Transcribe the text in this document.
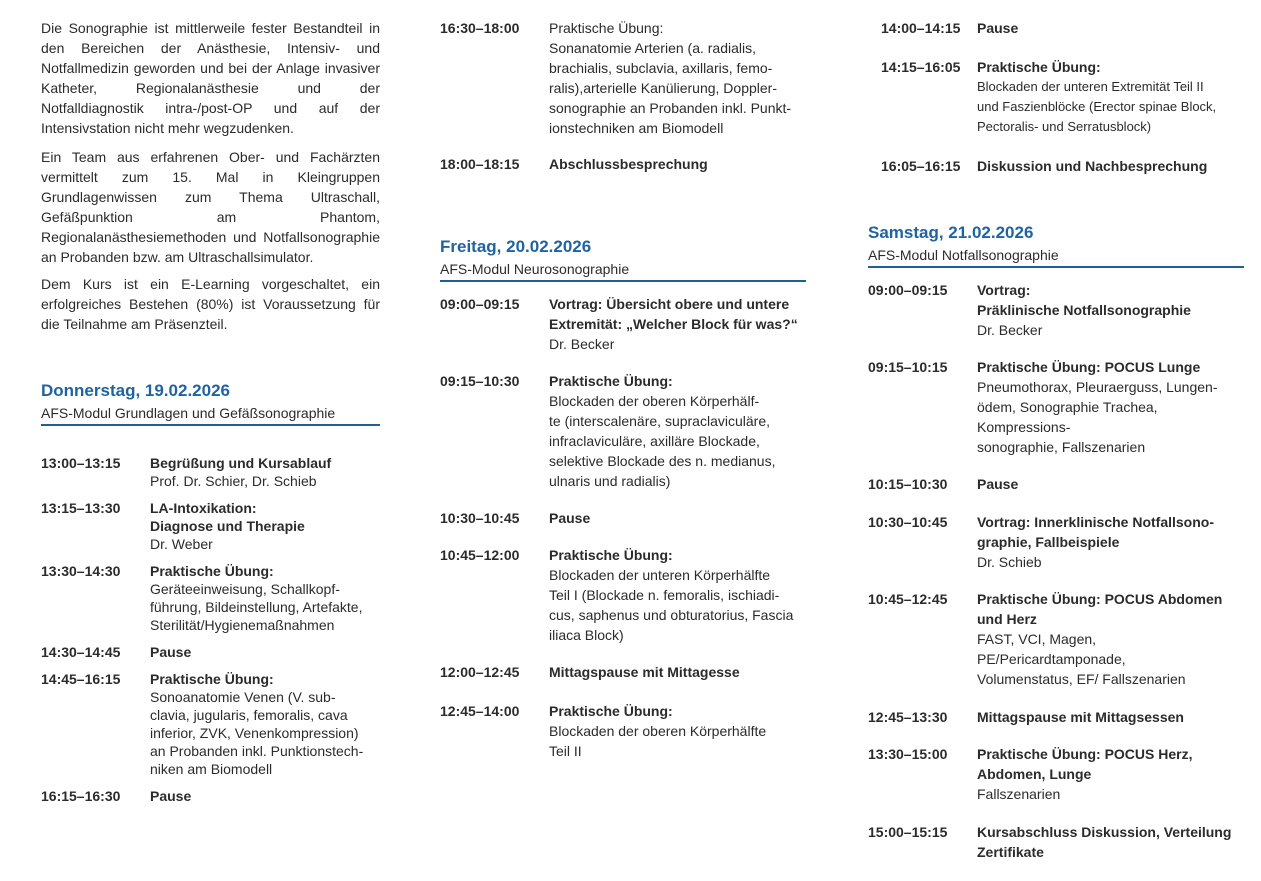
Die Sonographie ist mittlerweile fester Bestandteil in den Bereichen der Anästhesie, Intensiv- und Notfallmedizin geworden und bei der Anlage invasiver Katheter, Regionalanästhesie und der Notfalldiagnostik intra-/post-OP und auf der Intensivstation nicht mehr wegzudenken.

Ein Team aus erfahrenen Ober- und Fachärzten vermittelt zum 15. Mal in Kleingruppen Grundlagenwissen zum Thema Ultraschall, Gefäßpunktion am Phantom, Regionalanästhesiemethoden und Notfallsonographie an Probanden bzw. am Ultraschallsimulator.

Dem Kurs ist ein E-Learning vorgeschaltet, ein erfolgreiches Bestehen (80%) ist Voraussetzung für die Teilnahme am Präsenzteil.

Donnerstag, 19.02.2026
AFS-Modul Grundlagen und Gefäßsonographie
13:00–13:15	Begrüßung und Kursablauf
Prof. Dr. Schier, Dr. Schieb
13:15–13:30	LA-Intoxikation:
Diagnose und Therapie
Dr. Weber
13:30–14:30	Praktische Übung:
Geräteeinweisung, Schallkopf-
führung, Bildeinstellung, Artefakte,
Sterilität/Hygienemaßnahmen
14:30–14:45	Pause
14:45–16:15	Praktische Übung:
Sonoanatomie Venen (V. sub-
clavia, jugularis, femoralis, cava
inferior, ZVK, Venenkompression)
an Probanden inkl. Punktionstech-
niken am Biomodell
16:15–16:30	Pause
16:30–18:00	Praktische Übung:
Sonanatomie Arterien (a. radialis,
brachialis, subclavia, axillaris, femo-
ralis),arterielle Kanülierung, Doppler-
sonographie an Probanden inkl. Punkt-
ionstechniken am Biomodell
18:00–18:15	Abschlussbesprechung
Freitag, 20.02.2026
AFS-Modul Neurosonographie
09:00–09:15	Vortrag: Übersicht obere und untere
Extremität: „Welcher Block für was?“
Dr. Becker
09:15–10:30	Praktische Übung:
Blockaden der oberen Körperhälf-
te (interscalenäre, supraclaviculäre,
infraclaviculäre, axilläre Blockade,
selektive Blockade des n. medianus,
ulnaris und radialis)
10:30–10:45	Pause
10:45–12:00	Praktische Übung:
Blockaden der unteren Körperhälfte
Teil I (Blockade n. femoralis, ischiadi-
cus, saphenus und obturatorius, Fascia
iliaca Block)
12:00–12:45	Mittagspause mit Mittagesse
12:45–14:00	Praktische Übung:
Blockaden der oberen Körperhälfte
Teil II
14:00–14:15	Pause
14:15–16:05	Praktische Übung:
Blockaden der unteren Extremität Teil II
und Faszienblöcke (Erector spinae Block,
Pectoralis- und Serratusblock)
16:05–16:15	Diskussion und Nachbesprechung
Samstag, 21.02.2026
AFS-Modul Notfallsonographie
09:00–09:15	Vortrag:
Präklinische Notfallsonographie
Dr. Becker
09:15–10:15	Praktische Übung: POCUS Lunge
Pneumothorax, Pleuraerguss, Lungen-
ödem, Sonographie Trachea, Kompressions-
sonographie, Fallszenarien
10:15–10:30	Pause
10:30–10:45	Vortrag: Innerklinische Notfallsono-
graphie, Fallbeispiele
Dr. Schieb
10:45–12:45	Praktische Übung: POCUS Abdomen
und Herz
FAST, VCI, Magen, PE/Pericardtamponade,
Volumenstatus, EF/ Fallszenarien
12:45–13:30	Mittagspause mit Mittagsessen
13:30–15:00	Praktische Übung: POCUS Herz,
Abdomen, Lunge
Fallszenarien
15:00–15:15	Kursabschluss Diskussion, Verteilung
Zertifikate
